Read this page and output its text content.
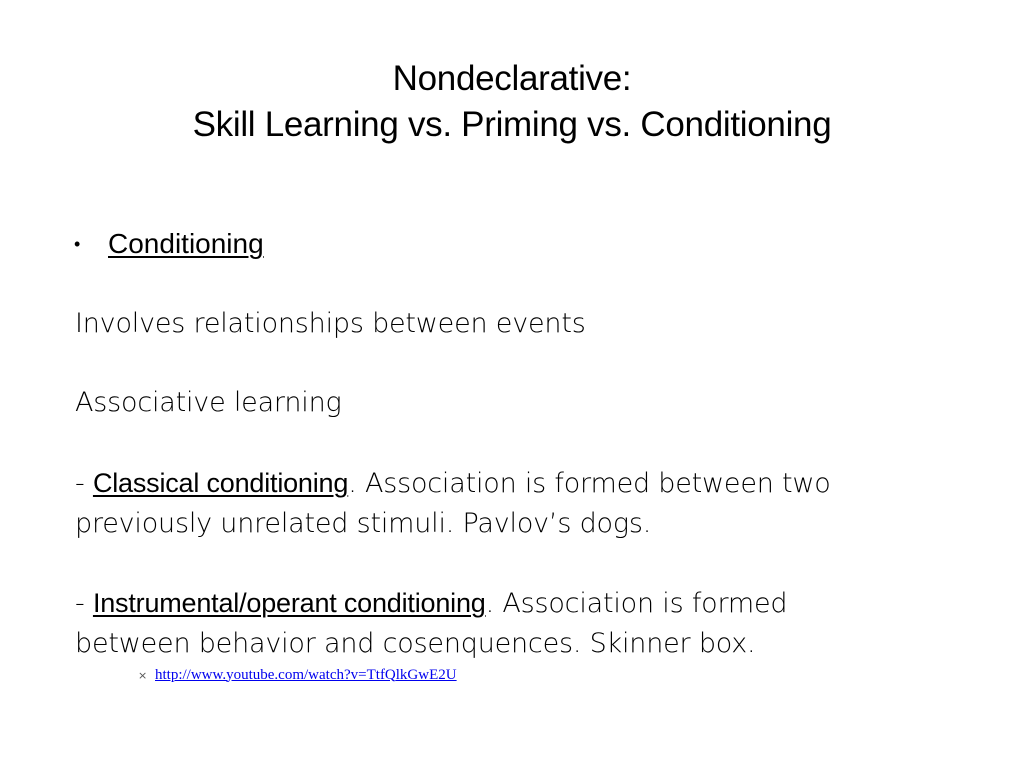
Nondeclarative:
Skill Learning vs. Priming vs. Conditioning
• Conditioning
Involves relationships between events
Associative learning
- Classical conditioning. Association is formed between two
previously unrelated stimuli. Pavlov’s dogs.
- Instrumental/operant conditioning. Association is formed
between behavior and cosenquences. Skinner box.
× http://www.youtube.com/watch?v=TtfQlkGwE2U
